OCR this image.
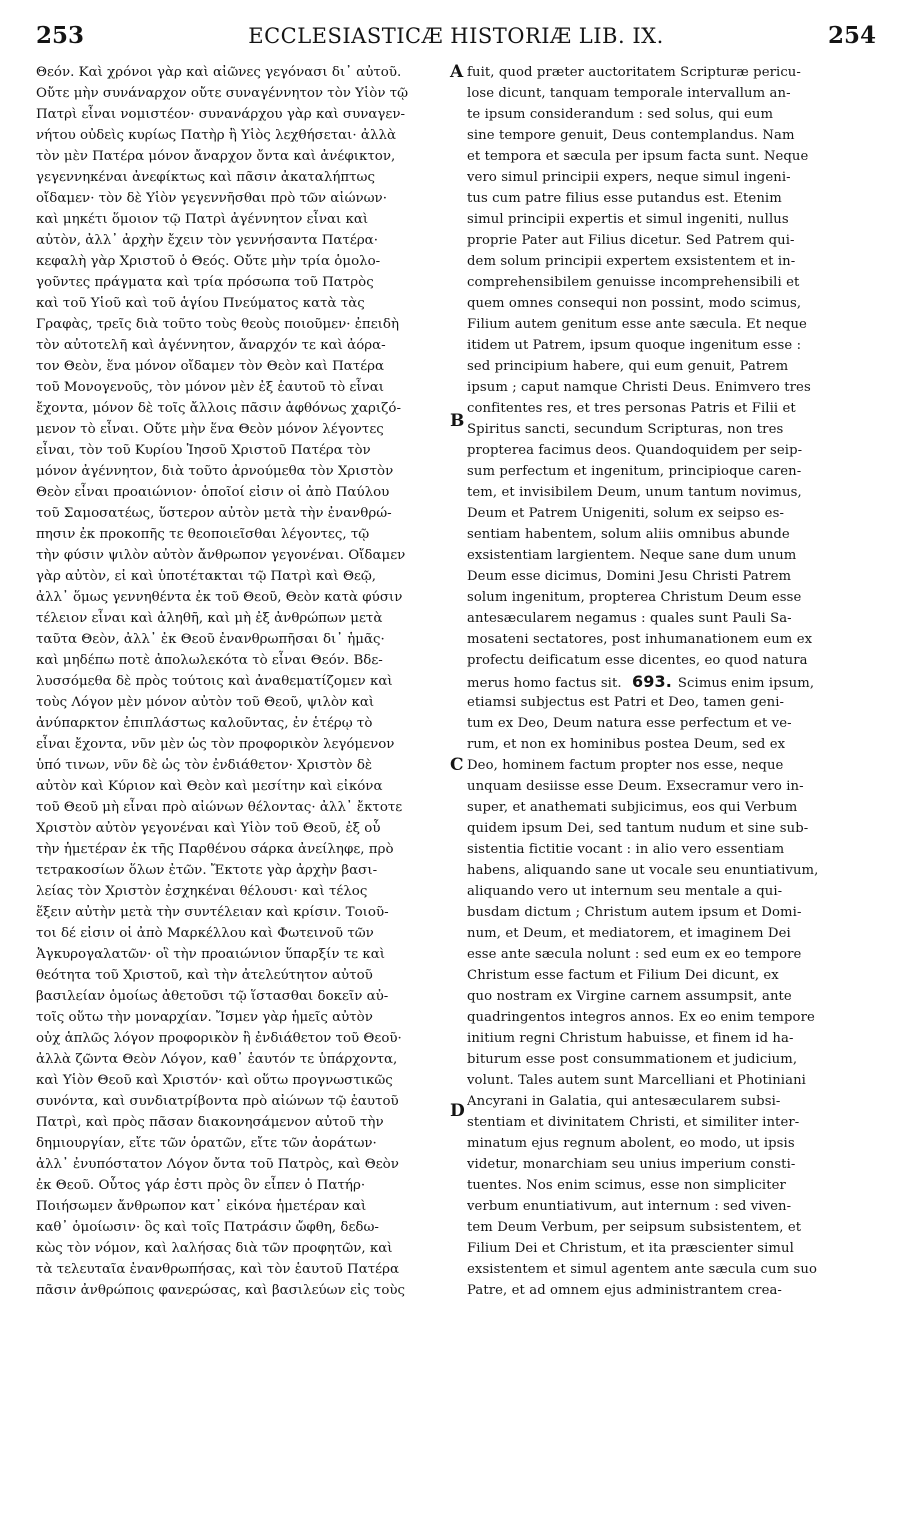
253	ECCLESIASTICÆ HISTORIÆ LIB. IX.	254
Θεόν. Καὶ χρόνοι γὰρ καὶ αἰῶνες γεγόνασι δι᾽ αὐτοῦ.
Οὔτε μὴν συνάναρχον οὔτε συναγέννητον τὸν Υἱὸν τῷ
Πατρὶ εἶναι νομιστέον· συνανάρχου γὰρ καὶ συναγεν-
νήτου οὐδεὶς κυρίως Πατὴρ ἢ Υἱὸς λεχθήσεται· ἀλλὰ
τὸν μὲν Πατέρα μόνον ἄναρχον ὄντα καὶ ἀνέφικτον,
γεγεννηκέναι ἀνεφίκτως καὶ πᾶσιν ἀκαταλήπτως
οἴδαμεν· τὸν δὲ Υἱὸν γεγεννῆσθαι πρὸ τῶν αἰώνων·
καὶ μηκέτι ὅμοιον τῷ Πατρὶ ἀγέννητον εἶναι καὶ
αὐτὸν, ἀλλ᾽ ἀρχὴν ἔχειν τὸν γεννήσαντα Πατέρα·
κεφαλὴ γὰρ Χριστοῦ ὁ Θεός. Οὔτε μὴν τρία ὁμολο-
γοῦντες πράγματα καὶ τρία πρόσωπα τοῦ Πατρὸς
καὶ τοῦ Υἱοῦ καὶ τοῦ ἁγίου Πνεύματος κατὰ τὰς
Γραφὰς, τρεῖς διὰ τοῦτο τοὺς θεοὺς ποιοῦμεν· ἐπειδὴ
τὸν αὐτοτελῆ καὶ ἀγέννητον, ἄναρχόν τε καὶ ἀόρα-
τον Θεὸν, ἕνα μόνον οἴδαμεν τὸν Θεὸν καὶ Πατέρα
τοῦ Μονογενοῦς, τὸν μόνον μὲν ἐξ ἑαυτοῦ τὸ εἶναι
ἔχοντα, μόνον δὲ τοῖς ἄλλοις πᾶσιν ἀφθόνως χαριζό-
μενον τὸ εἶναι. Οὔτε μὴν ἕνα Θεὸν μόνον λέγοντες
εἶναι, τὸν τοῦ Κυρίου Ἰησοῦ Χριστοῦ Πατέρα τὸν
μόνον ἀγέννητον, διὰ τοῦτο ἀρνούμεθα τὸν Χριστὸν
Θεὸν εἶναι προαιώνιον· ὁποῖοί εἰσιν οἱ ἀπὸ Παύλου
τοῦ Σαμοσατέως, ὕστερον αὐτὸν μετὰ τὴν ἐνανθρώ-
πησιν ἐκ προκοπῆς τε θεοποιεῖσθαι λέγοντες, τῷ
τὴν φύσιν ψιλὸν αὐτὸν ἄνθρωπον γεγονέναι. Οἴδαμεν
γὰρ αὐτὸν, εἰ καὶ ὑποτέτακται τῷ Πατρὶ καὶ Θεῷ,
ἀλλ᾽ ὅμως γεννηθέντα ἐκ τοῦ Θεοῦ, Θεὸν κατὰ φύσιν
τέλειον εἶναι καὶ ἀληθῆ, καὶ μὴ ἐξ ἀνθρώπων μετὰ
ταῦτα Θεὸν, ἀλλ᾽ ἐκ Θεοῦ ἐνανθρωπῆσαι δι᾽ ἡμᾶς·
καὶ μηδέπω ποτὲ ἀπολωλεκότα τὸ εἶναι Θεόν. Βδε-
λυσσόμεθα δὲ πρὸς τούτοις καὶ ἀναθεματίζομεν καὶ
τοὺς Λόγον μὲν μόνον αὐτὸν τοῦ Θεοῦ, ψιλὸν καὶ
ἀνύπαρκτον ἐπιπλάστως καλοῦντας, ἐν ἑτέρῳ τὸ
εἶναι ἔχοντα, νῦν μὲν ὡς τὸν προφορικὸν λεγόμενον
ὑπό τινων, νῦν δὲ ὡς τὸν ἐνδιάθετον· Χριστὸν δὲ
αὐτὸν καὶ Κύριον καὶ Θεὸν καὶ μεσίτην καὶ εἰκόνα
τοῦ Θεοῦ μὴ εἶναι πρὸ αἰώνων θέλοντας· ἀλλ᾽ ἔκτοτε
Χριστὸν αὐτὸν γεγονέναι καὶ Υἱὸν τοῦ Θεοῦ, ἐξ οὗ
τὴν ἡμετέραν ἐκ τῆς Παρθένου σάρκα ἀνείληφε, πρὸ
τετρακοσίων ὅλων ἐτῶν. Ἔκτοτε γὰρ ἀρχὴν βασι-
λείας τὸν Χριστὸν ἐσχηκέναι θέλουσι· καὶ τέλος
ἕξειν αὐτὴν μετὰ τὴν συντέλειαν καὶ κρίσιν. Τοιοῦ-
τοι δέ εἰσιν οἱ ἀπὸ Μαρκέλλου καὶ Φωτεινοῦ τῶν
Ἀγκυρογαλατῶν· οἳ τὴν προαιώνιον ὕπαρξίν τε καὶ
θεότητα τοῦ Χριστοῦ, καὶ τὴν ἀτελεύτητον αὐτοῦ
βασιλείαν ὁμοίως ἀθετοῦσι τῷ ἵστασθαι δοκεῖν αὐ-
τοῖς οὕτω τὴν μοναρχίαν. Ἴσμεν γὰρ ἡμεῖς αὐτὸν
οὐχ ἁπλῶς λόγον προφορικὸν ἢ ἐνδιάθετον τοῦ Θεοῦ·
ἀλλὰ ζῶντα Θεὸν Λόγον, καθ᾽ ἑαυτόν τε ὑπάρχοντα,
καὶ Υἱὸν Θεοῦ καὶ Χριστόν· καὶ οὕτω προγνωστικῶς
συνόντα, καὶ συνδιατρίβοντα πρὸ αἰώνων τῷ ἑαυτοῦ
Πατρὶ, καὶ πρὸς πᾶσαν διακονησάμενον αὐτοῦ τὴν
δημιουργίαν, εἴτε τῶν ὁρατῶν, εἴτε τῶν ἀοράτων·
ἀλλ᾽ ἐνυπόστατον Λόγον ὄντα τοῦ Πατρὸς, καὶ Θεὸν
ἐκ Θεοῦ. Οὗτος γάρ ἐστι πρὸς ὃν εἶπεν ὁ Πατήρ·
Ποιήσωμεν ἄνθρωπον κατ᾽ εἰκόνα ἡμετέραν καὶ
καθ᾽ ὁμοίωσιν· ὃς καὶ τοῖς Πατράσιν ὤφθη, δεδω-
κὼς τὸν νόμον, καὶ λαλήσας διὰ τῶν προφητῶν, καὶ
τὰ τελευταῖα ἐνανθρωπήσας, καὶ τὸν ἑαυτοῦ Πατέρα
πᾶσιν ἀνθρώποις φανερώσας, καὶ βασιλεύων εἰς τοὺς
A
B
C
D
fuit, quod præter auctoritatem Scripturæ pericu-
lose dicunt, tanquam temporale intervallum an-
te ipsum considerandum : sed solus, qui eum
sine tempore genuit, Deus contemplandus. Nam
et tempora et sæcula per ipsum facta sunt. Neque
vero simul principii expers, neque simul ingeni-
tus cum patre filius esse putandus est. Etenim
simul principii expertis et simul ingeniti, nullus
proprie Pater aut Filius dicetur. Sed Patrem qui-
dem solum principii expertem exsistentem et in-
comprehensibilem genuisse incomprehensibili et
quem omnes consequi non possint, modo scimus,
Filium autem genitum esse ante sæcula. Et neque
itidem ut Patrem, ipsum quoque ingenitum esse :
sed principium habere, qui eum genuit, Patrem
ipsum ; caput namque Christi Deus. Enimvero tres
confitentes res, et tres personas Patris et Filii et
Spiritus sancti, secundum Scripturas, non tres
propterea facimus deos. Quandoquidem per seip-
sum perfectum et ingenitum, principioque caren-
tem, et invisibilem Deum, unum tantum novimus,
Deum et Patrem Unigeniti, solum ex seipso es-
sentiam habentem, solum aliis omnibus abunde
exsistentiam largientem. Neque sane dum unum
Deum esse dicimus, Domini Jesu Christi Patrem
solum ingenitum, propterea Christum Deum esse
antesæcularem negamus : quales sunt Pauli Sa-
mosateni sectatores, post inhumanationem eum ex
profectu deificatum esse dicentes, eo quod natura
merus homo factus sit. 693. Scimus enim ipsum,
etiamsi subjectus est Patri et Deo, tamen geni-
tum ex Deo, Deum natura esse perfectum et ve-
rum, et non ex hominibus postea Deum, sed ex
Deo, hominem factum propter nos esse, neque
unquam desiisse esse Deum. Exsecramur vero in-
super, et anathemati subjicimus, eos qui Verbum
quidem ipsum Dei, sed tantum nudum et sine sub-
sistentia fictitie vocant : in alio vero essentiam
habens, aliquando sane ut vocale seu enuntiativum,
aliquando vero ut internum seu mentale a qui-
busdam dictum ; Christum autem ipsum et Domi-
num, et Deum, et mediatorem, et imaginem Dei
esse ante sæcula nolunt : sed eum ex eo tempore
Christum esse factum et Filium Dei dicunt, ex
quo nostram ex Virgine carnem assumpsit, ante
quadringentos integros annos. Ex eo enim tempore
initium regni Christum habuisse, et finem id ha-
biturum esse post consummationem et judicium,
volunt. Tales autem sunt Marcelliani et Photiniani
Ancyrani in Galatia, qui antesæcularem subsi-
stentiam et divinitatem Christi, et similiter inter-
minatum ejus regnum abolent, eo modo, ut ipsis
videtur, monarchiam seu unius imperium consti-
tuentes. Nos enim scimus, esse non simpliciter
verbum enuntiativum, aut internum : sed viven-
tem Deum Verbum, per seipsum subsistentem, et
Filium Dei et Christum, et ita præscienter simul
exsistentem et simul agentem ante sæcula cum suo
Patre, et ad omnem ejus administrantem crea-
